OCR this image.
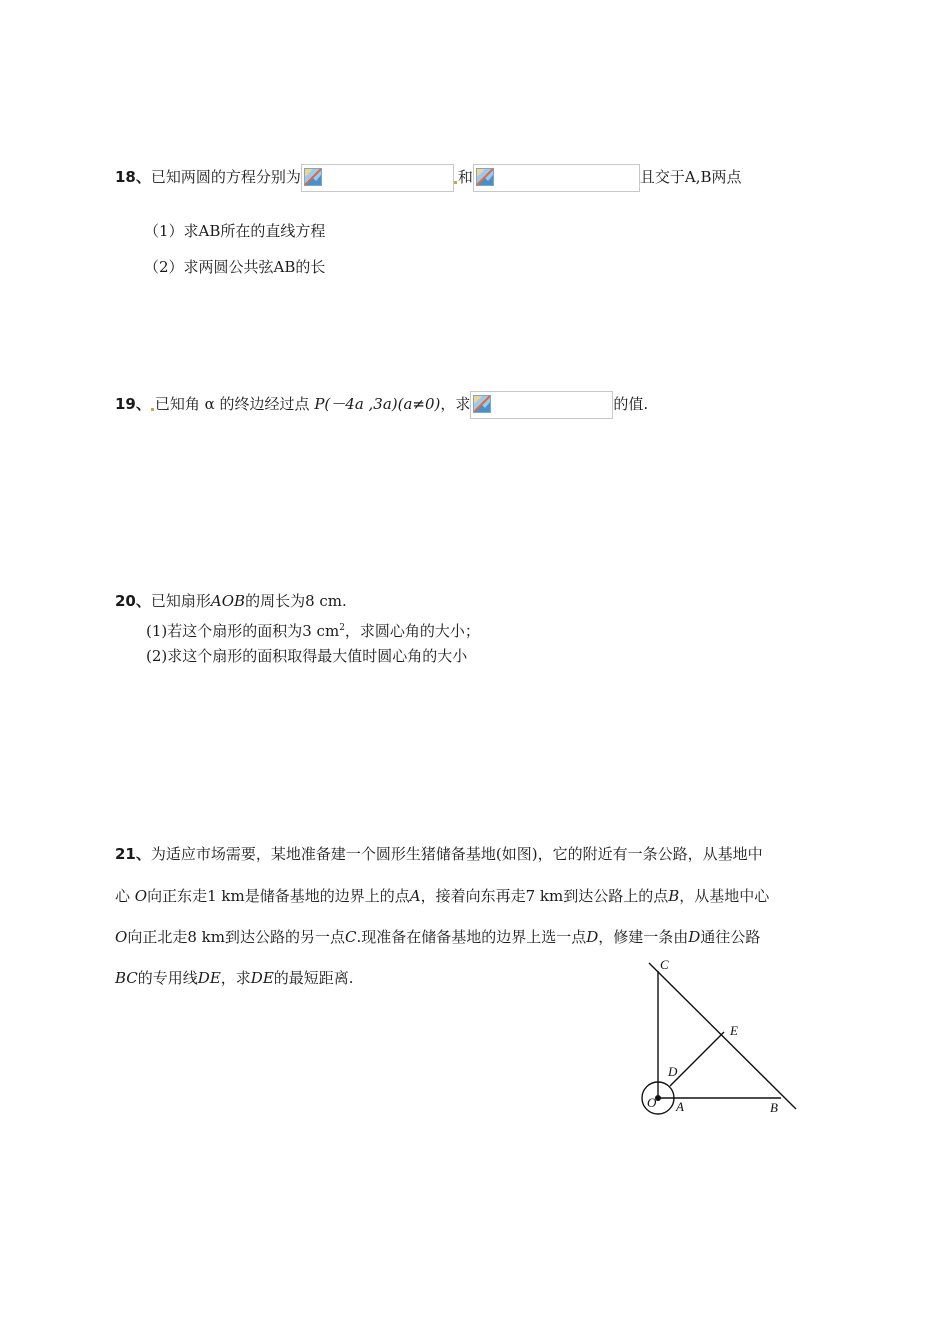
18、已知两圆的方程分别为	和	且交于A,B两点
（1）求AB所在的直线方程
（2）求两圆公共弦AB的长
19、 已知角 α 的终边经过点 P(－4a ,3a)(a≠0)，求	的值.
20、已知扇形AOB的周长为8 cm.
(1)若这个扇形的面积为3 $cm^2$，求圆心角的大小；
(2)求这个扇形的面积取得最大值时圆心角的大小
21、为适应市场需要，某地准备建一个圆形生猪储备基地(如图)，它的附近有一条公路，从基地中
心 O向正东走1 km是储备基地的边界上的点A，接着向东再走7 km到达公路上的点B，从基地中心
O向正北走8 km到达公路的另一点C.现准备在储备基地的边界上选一点D，修建一条由D通往公路
BC的专用线DE，求DE的最短距离.
C
E
D
O A	B
